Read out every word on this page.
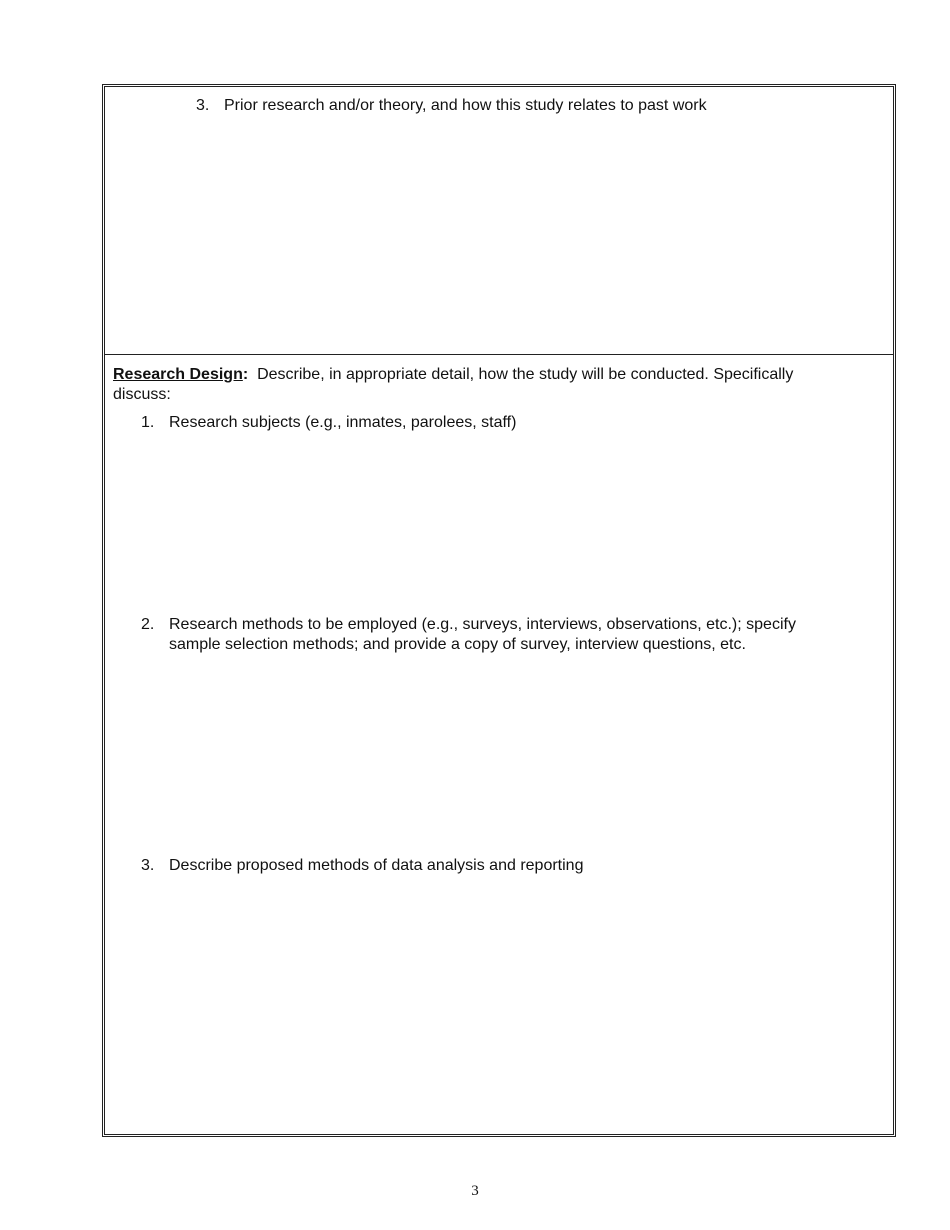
3. Prior research and/or theory, and how this study relates to past work
Research Design:  Describe, in appropriate detail, how the study will be conducted. Specifically discuss:
1. Research subjects (e.g., inmates, parolees, staff)
2. Research methods to be employed (e.g., surveys, interviews, observations, etc.); specify sample selection methods; and provide a copy of survey, interview questions, etc.
3. Describe proposed methods of data analysis and reporting
3
